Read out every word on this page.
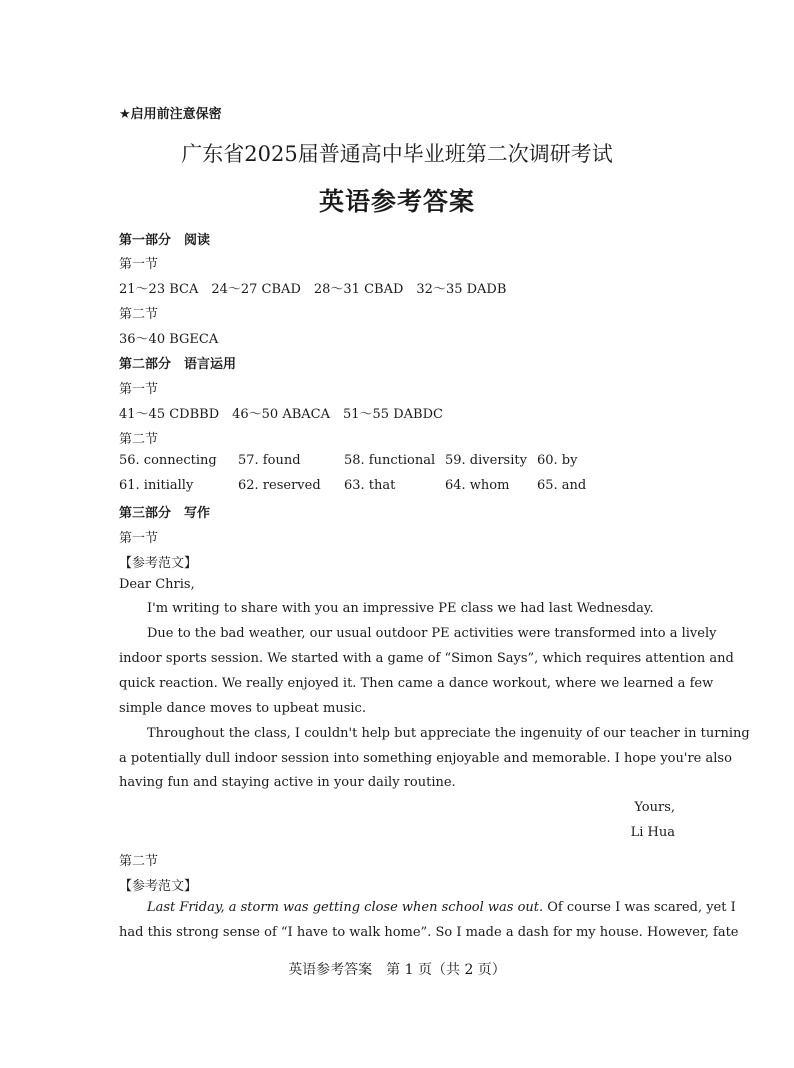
★启用前注意保密
广东省2025届普通高中毕业班第二次调研考试
英语参考答案
第一部分　阅读
第一节
21～23 BCA　24～27 CBAD　28～31 CBAD　32～35 DADB
第二节
36～40 BGECA
第二部分　语言运用
第一节
41～45 CDBBD　46～50 ABACA　51～55 DABDC
第二节
56. connecting 57. found	58. functional 59. diversity 60. by
61. initially	62. reserved 63. that	64. whom 65. and
第三部分　写作
第一节
【参考范文】
Dear Chris,
I'm writing to share with you an impressive PE class we had last Wednesday.
Due to the bad weather, our usual outdoor PE activities were transformed into a lively
indoor sports session. We started with a game of “Simon Says”, which requires attention and
quick reaction. We really enjoyed it. Then came a dance workout, where we learned a few
simple dance moves to upbeat music.
Throughout the class, I couldn't help but appreciate the ingenuity of our teacher in turning
a potentially dull indoor session into something enjoyable and memorable. I hope you're also
having fun and staying active in your daily routine.
Yours,
Li Hua
第二节
【参考范文】
Last Friday, a storm was getting close when school was out. Of course I was scared, yet I
had this strong sense of “I have to walk home”. So I made a dash for my house. However, fate
英语参考答案　第 1 页（共 2 页）
